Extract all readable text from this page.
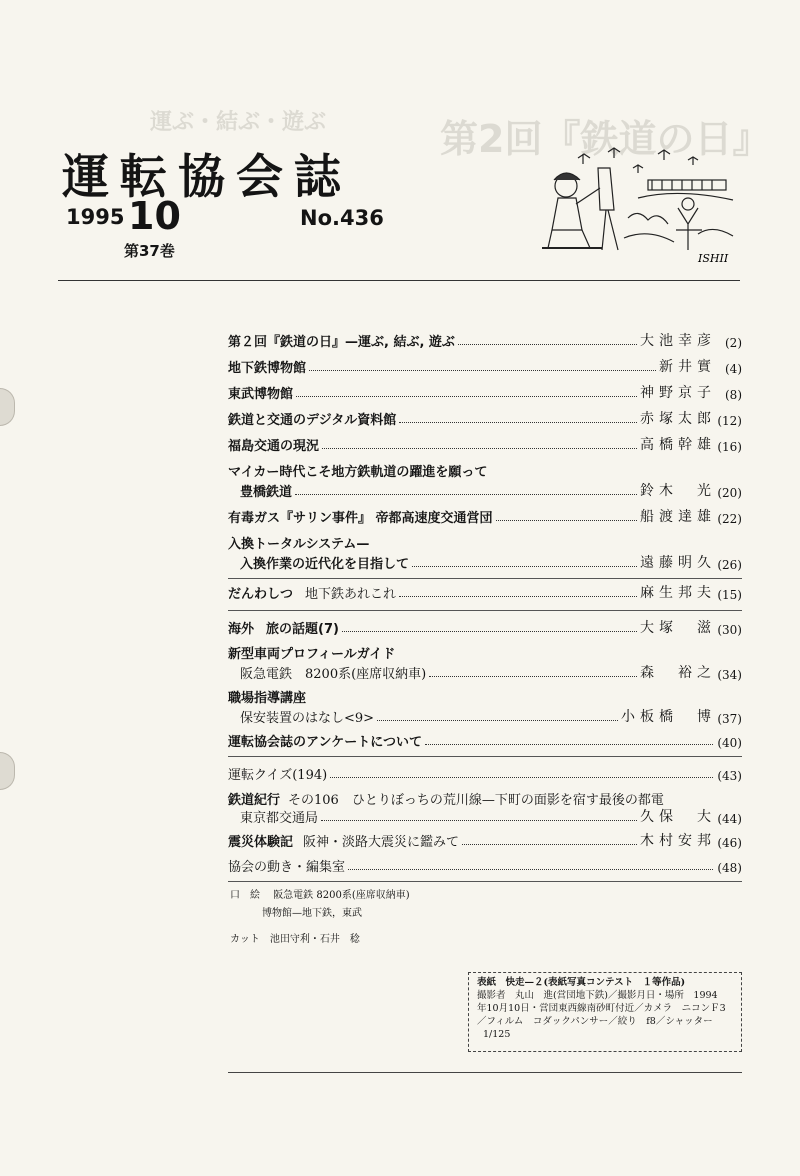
第2回『鉄道の日』
運ぶ・結ぶ・遊ぶ
運転協会誌
1995 10
第37巻
No.436
ISHII
第２回『鉄道の日』—運ぶ, 結ぶ, 遊ぶ	大池幸彦 (2)
地下鉄博物館	新井實 (4)
東武博物館	神野京子 (8)
鉄道と交通のデジタル資料館	赤塚太郎 (12)
福島交通の現況	高橋幹雄 (16)
マイカー時代こそ地方鉄軌道の躍進を願って
豊橋鉄道	鈴木　光 (20)
有毒ガス『サリン事件』 帝都高速度交通営団	船渡達雄 (22)
入換トータルシステム—
入換作業の近代化を目指して	遠藤明久 (26)
だんわしつ 地下鉄あれこれ	麻生邦夫 (15)
海外 旅の話題(7)	大塚　滋 (30)
新型車両プロフィールガイド
阪急電鉄　8200系(座席収納車)	森　裕之 (34)
職場指導講座
保安装置のはなし<9>	小板橋　博 (37)
運転協会誌のアンケートについて	(40)
運転クイズ(194)	(43)
鉄道紀行 その106　ひとりぼっちの荒川線—下町の面影を宿す最後の都電
東京都交通局	久保　大 (44)
震災体験記 阪神・淡路大震災に鑑みて	木村安邦 (46)
協会の動き・編集室	(48)
口　絵 阪急電鉄 8200系(座席収納車)
博物館—地下鉄，東武
カット　池田守利・石井　稔
表紙　快走—２(表紙写真コンテスト　１等作品)
撮影者　丸山　進(営団地下鉄)／撮影月日・場所　1994
年10月10日・営団東西線南砂町付近／カメラ　ニコンＦ3
／フィルム　コダックパンサー／絞り　f8／シャッター
1/125
